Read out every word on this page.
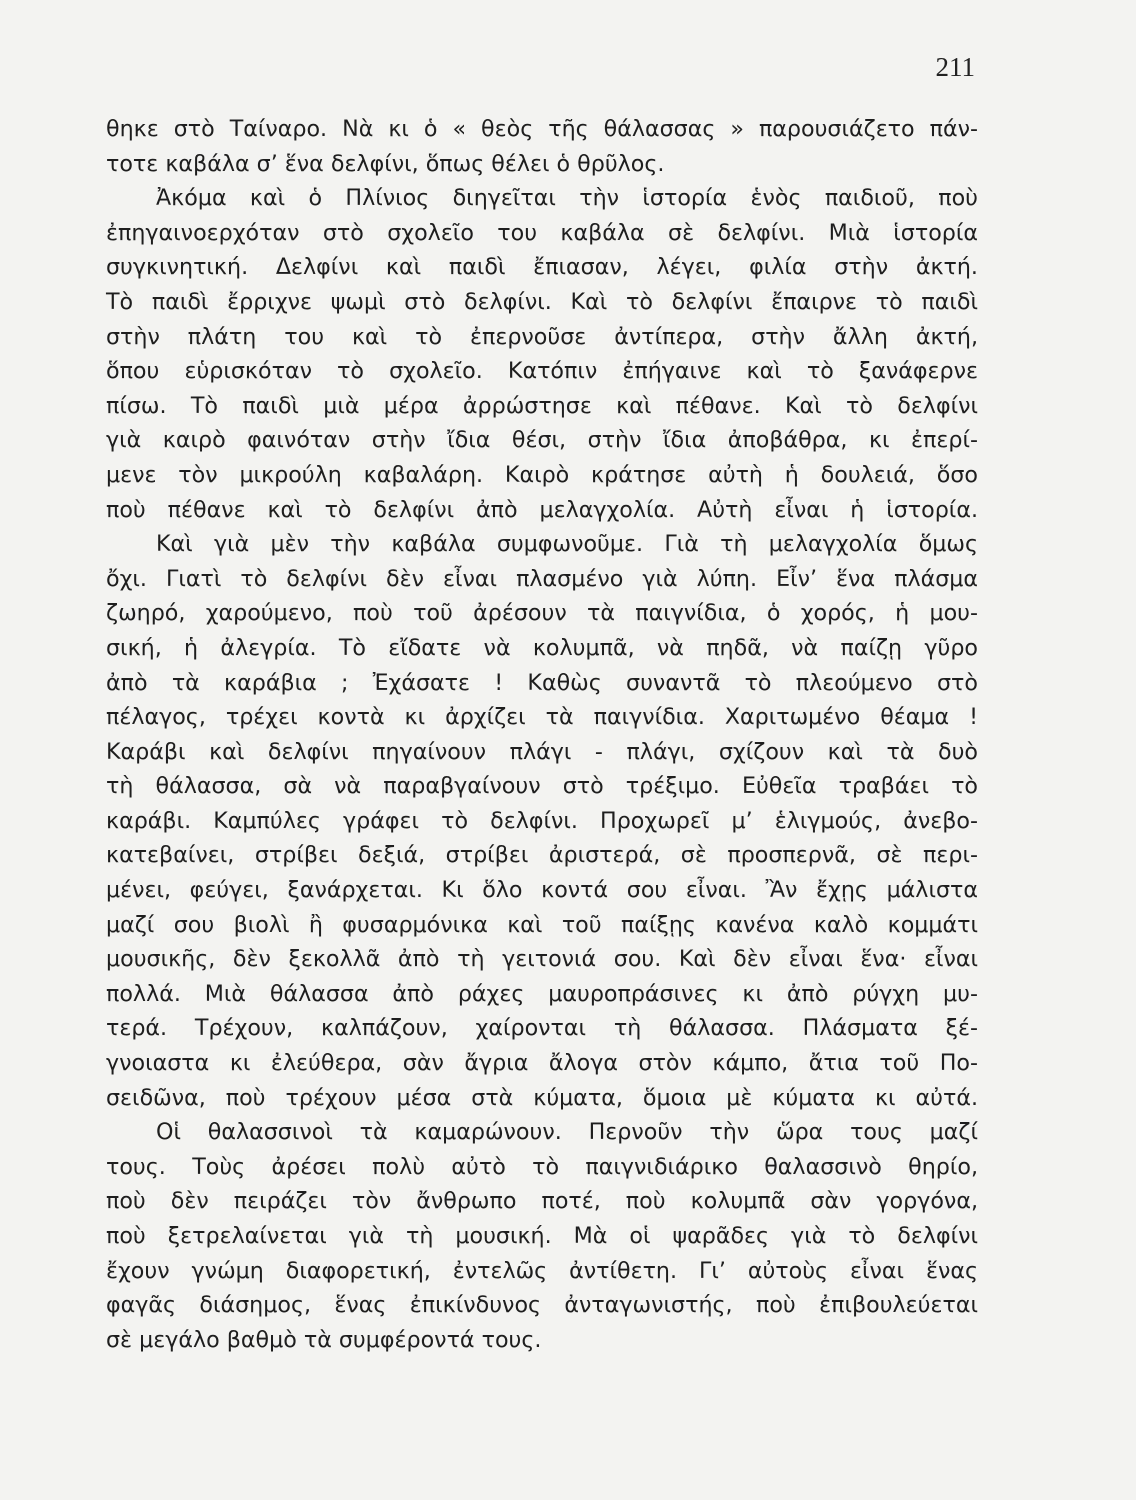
211
θηκε στὸ Ταίναρο. Νὰ κι ὁ « θεὸς τῆς θάλασσας » παρουσιάζετο πάν-
τοτε καβάλα σ’ ἕνα δελφίνι, ὅπως θέλει ὁ θρῦλος.
Ἀκόμα καὶ ὁ Πλίνιος διηγεῖται τὴν ἱστορία ἑνὸς παιδιοῦ, ποὺ
ἐπηγαινοερχόταν στὸ σχολεῖο του καβάλα σὲ δελφίνι. Μιὰ ἱστορία
συγκινητική. Δελφίνι καὶ παιδὶ ἔπιασαν, λέγει, φιλία στὴν ἀκτή.
Τὸ παιδὶ ἔρριχνε ψωμὶ στὸ δελφίνι. Καὶ τὸ δελφίνι ἔπαιρνε τὸ παιδὶ
στὴν πλάτη του καὶ τὸ ἐπερνοῦσε ἀντίπερα, στὴν ἄλλη ἀκτή,
ὅπου εὑρισκόταν τὸ σχολεῖο. Κατόπιν ἐπήγαινε καὶ τὸ ξανάφερνε
πίσω. Τὸ παιδὶ μιὰ μέρα ἀρρώστησε καὶ πέθανε. Καὶ τὸ δελφίνι
γιὰ καιρὸ φαινόταν στὴν ἴδια θέσι, στὴν ἴδια ἀποβάθρα, κι ἐπερί-
μενε τὸν μικρούλη καβαλάρη. Καιρὸ κράτησε αὐτὴ ἡ δουλειά, ὅσο
ποὺ πέθανε καὶ τὸ δελφίνι ἀπὸ μελαγχολία. Αὐτὴ εἶναι ἡ ἱστορία.
Καὶ γιὰ μὲν τὴν καβάλα συμφωνοῦμε. Γιὰ τὴ μελαγχολία ὅμως
ὄχι. Γιατὶ τὸ δελφίνι δὲν εἶναι πλασμένο γιὰ λύπη. Εἶν’ ἕνα πλάσμα
ζωηρό, χαρούμενο, ποὺ τοῦ ἀρέσουν τὰ παιγνίδια, ὁ χορός, ἡ μου-
σική, ἡ ἀλεγρία. Τὸ εἴδατε νὰ κολυμπᾶ, νὰ πηδᾶ, νὰ παίζῃ γῦρο
ἀπὸ τὰ καράβια ; Ἐχάσατε ! Καθὼς συναντᾶ τὸ πλεούμενο στὸ
πέλαγος, τρέχει κοντὰ κι ἀρχίζει τὰ παιγνίδια. Χαριτωμένο θέαμα !
Καράβι καὶ δελφίνι πηγαίνουν πλάγι - πλάγι, σχίζουν καὶ τὰ δυὸ
τὴ θάλασσα, σὰ νὰ παραβγαίνουν στὸ τρέξιμο. Εὐθεῖα τραβάει τὸ
καράβι. Καμπύλες γράφει τὸ δελφίνι. Προχωρεῖ μ’ ἑλιγμούς, ἀνεβο-
κατεβαίνει, στρίβει δεξιά, στρίβει ἀριστερά, σὲ προσπερνᾶ, σὲ περι-
μένει, φεύγει, ξανάρχεται. Κι ὅλο κοντά σου εἶναι. Ἂν ἔχῃς μάλιστα
μαζί σου βιολὶ ἢ φυσαρμόνικα καὶ τοῦ παίξῃς κανένα καλὸ κομμάτι
μουσικῆς, δὲν ξεκολλᾶ ἀπὸ τὴ γειτονιά σου. Καὶ δὲν εἶναι ἕνα· εἶναι
πολλά. Μιὰ θάλασσα ἀπὸ ράχες μαυροπράσινες κι ἀπὸ ρύγχη μυ-
τερά. Τρέχουν, καλπάζουν, χαίρονται τὴ θάλασσα. Πλάσματα ξέ-
γνοιαστα κι ἐλεύθερα, σὰν ἄγρια ἄλογα στὸν κάμπο, ἄτια τοῦ Πο-
σειδῶνα, ποὺ τρέχουν μέσα στὰ κύματα, ὅμοια μὲ κύματα κι αὐτά.
Οἱ θαλασσινοὶ τὰ καμαρώνουν. Περνοῦν τὴν ὥρα τους μαζί
τους. Τοὺς ἀρέσει πολὺ αὐτὸ τὸ παιγνιδιάρικο θαλασσινὸ θηρίο,
ποὺ δὲν πειράζει τὸν ἄνθρωπο ποτέ, ποὺ κολυμπᾶ σὰν γοργόνα,
ποὺ ξετρελαίνεται γιὰ τὴ μουσική. Μὰ οἱ ψαρᾶδες γιὰ τὸ δελφίνι
ἔχουν γνώμη διαφορετική, ἐντελῶς ἀντίθετη. Γι’ αὐτοὺς εἶναι ἕνας
φαγᾶς διάσημος, ἕνας ἐπικίνδυνος ἀνταγωνιστής, ποὺ ἐπιβουλεύεται
σὲ μεγάλο βαθμὸ τὰ συμφέροντά τους.
